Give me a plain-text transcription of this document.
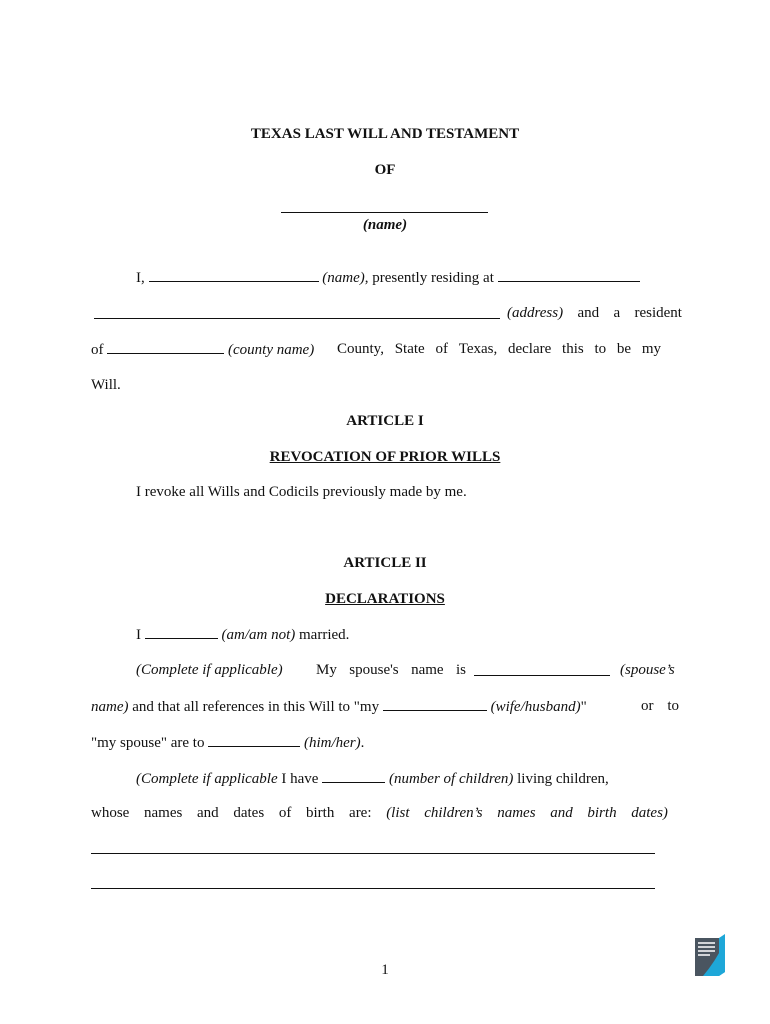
TEXAS LAST WILL AND TESTAMENT
OF
(name)
I,	(name), presently residing at
(address) and a resident
of	(county name) County, State of Texas, declare this to be my
Will.
ARTICLE I
REVOCATION OF PRIOR WILLS
I revoke all Wills and Codicils previously made by me.
ARTICLE II
DECLARATIONS
I	(am/am not) married.
(Complete if applicable) My spouse's name is	(spouse’s
name) and that all references in this Will to "my	(wife/husband)"	or to
"my spouse" are to	(him/her).
(Complete if applicable I have	(number of children) living children,
whose names and dates of birth are: (list children’s names and birth dates)
1
